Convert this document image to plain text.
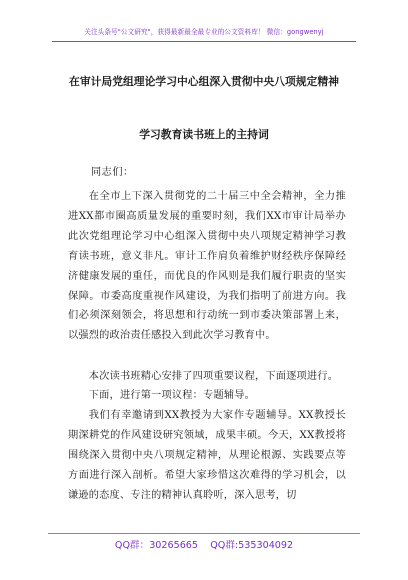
关注头条号"公文研究"，获得最新最全最专业的公文资料库！ 微信：gongwenyj
在审计局党组理论学习中心组深入贯彻中央八项规定精神
学习教育读书班上的主持词
同志们：
在全市上下深入贯彻党的二十届三中全会精神，全力推进XX都市圈高质量发展的重要时刻，我们XX市审计局举办此次党组理论学习中心组深入贯彻中央八项规定精神学习教育读书班，意义非凡。审计工作肩负着维护财经秩序保障经济健康发展的重任，而优良的作风则是我们履行职责的坚实保障。市委高度重视作风建设，为我们指明了前进方向。我们必须深刻领会，将思想和行动统一到市委决策部署上来，以强烈的政治责任感投入到此次学习教育中。
本次读书班精心安排了四项重要议程，下面逐项进行。
下面，进行第一项议程：专题辅导。
我们有幸邀请到XX教授为大家作专题辅导。XX教授长期深耕党的作风建设研究领域，成果丰硕。今天，XX教授将围绕深入贯彻中央八项规定精神，从理论根源、实践要点等方面进行深入剖析。希望大家珍惜这次难得的学习机会，以谦逊的态度、专注的精神认真聆听，深入思考，切
QQ群：30265665 QQ群:535304092
